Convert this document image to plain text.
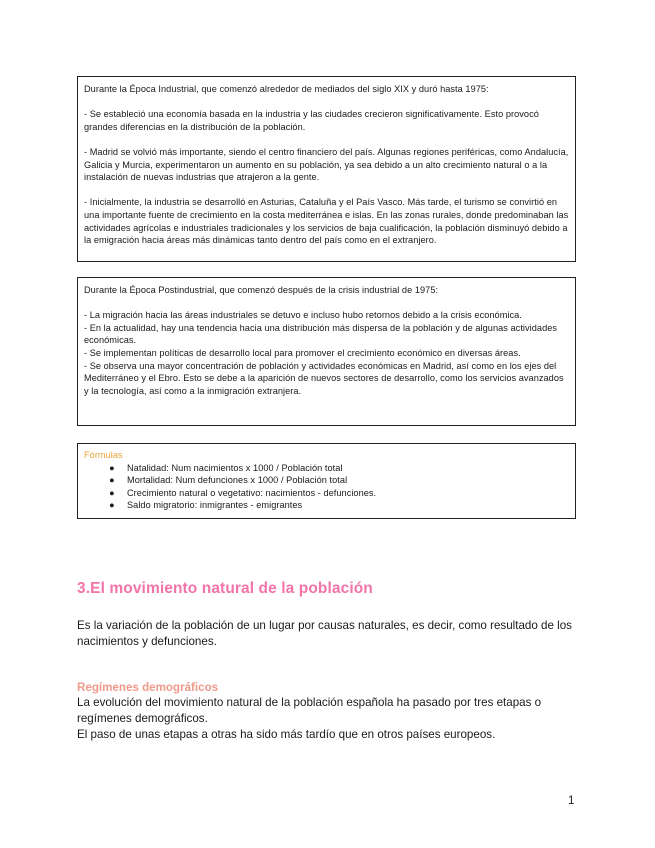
Durante la Época Industrial, que comenzó alrededor de mediados del siglo XIX y duró hasta 1975:

- Se estableció una economía basada en la industria y las ciudades crecieron significativamente. Esto provocó grandes diferencias en la distribución de la población.

- Madrid se volvió más importante, siendo el centro financiero del país. Algunas regiones periféricas, como Andalucía, Galicia y Murcia, experimentaron un aumento en su población, ya sea debido a un alto crecimiento natural o a la instalación de nuevas industrias que atrajeron a la gente.

- Inicialmente, la industria se desarrolló en Asturias, Cataluña y el País Vasco. Más tarde, el turismo se convirtió en una importante fuente de crecimiento en la costa mediterránea e islas. En las zonas rurales, donde predominaban las actividades agrícolas e industriales tradicionales y los servicios de baja cualificación, la población disminuyó debido a la emigración hacia áreas más dinámicas tanto dentro del país como en el extranjero.

Durante la Época Postindustrial, que comenzó después de la crisis industrial de 1975:

- La migración hacia las áreas industriales se detuvo e incluso hubo retornos debido a la crisis económica.

- En la actualidad, hay una tendencia hacia una distribución más dispersa de la población y de algunas actividades económicas.

- Se implementan políticas de desarrollo local para promover el crecimiento económico en diversas áreas.

- Se observa una mayor concentración de población y actividades económicas en Madrid, así como en los ejes del Mediterráneo y el Ebro. Esto se debe a la aparición de nuevos sectores de desarrollo, como los servicios avanzados y la tecnología, así como a la inmigración extranjera.

Fórmulas

● Natalidad: Num nacimientos x 1000 / Población total
● Mortalidad: Num defunciones x 1000 / Población total
● Crecimiento natural o vegetativo: nacimientos - defunciones.
● Saldo migratorio: inmigrantes - emigrantes
3.El movimiento natural de la población

Es la variación de la población de un lugar por causas naturales, es decir, como resultado de los nacimientos y defunciones.

Regímenes demográficos

La evolución del movimiento natural de la población española ha pasado por tres etapas o regímenes demográficos.

El paso de unas etapas a otras ha sido más tardío que en otros países europeos.

1
